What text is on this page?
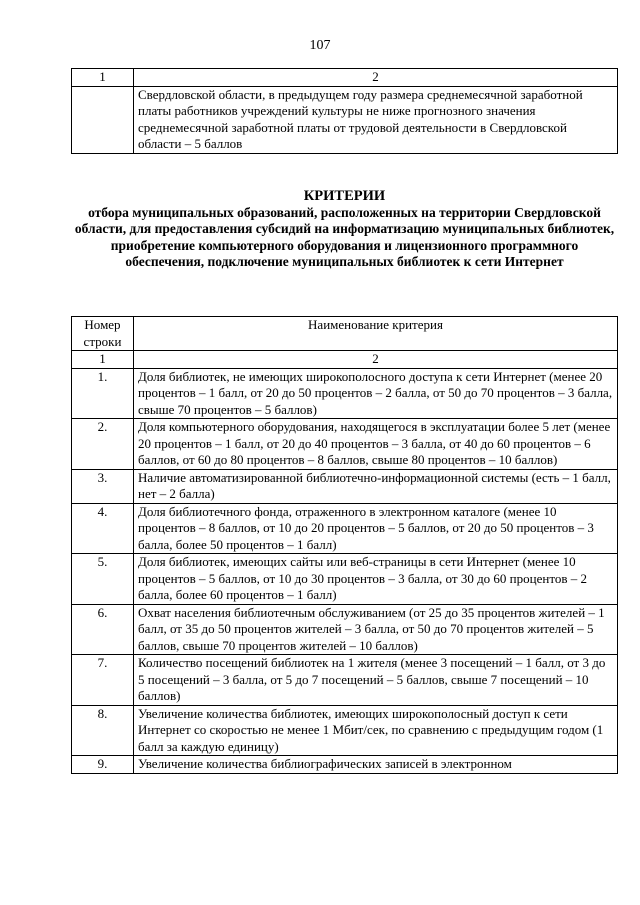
107
1	2
	Свердловской области, в предыдущем году размера среднемесячной заработной платы работников учреждений культуры не ниже прогнозного значения среднемесячной заработной платы от трудовой деятельности в Свердловской области – 5 баллов
КРИТЕРИИ
отбора муниципальных образований, расположенных на территории Свердловской области, для предоставления субсидий на информатизацию муниципальных библиотек, приобретение компьютерного оборудования и лицензионного программного обеспечения, подключение муниципальных библиотек к сети Интернет
Номер строки	Наименование критерия
1	2
1.	Доля библиотек, не имеющих широкополосного доступа к сети Интернет (менее 20 процентов – 1 балл, от 20 до 50 процентов – 2 балла, от 50 до 70 процентов – 3 балла, свыше 70 процентов – 5 баллов)
2.	Доля компьютерного оборудования, находящегося в эксплуатации более 5 лет (менее 20 процентов – 1 балл, от 20 до 40 процентов – 3 балла, от 40 до 60 процентов – 6 баллов, от 60 до 80 процентов – 8 баллов, свыше 80 процентов – 10 баллов)
3.	Наличие автоматизированной библиотечно-информационной системы (есть – 1 балл, нет – 2 балла)
4.	Доля библиотечного фонда, отраженного в электронном каталоге (менее 10 процентов – 8 баллов, от 10 до 20 процентов – 5 баллов, от 20 до 50 процентов – 3 балла, более 50 процентов – 1 балл)
5.	Доля библиотек, имеющих сайты или веб-страницы в сети Интернет (менее 10 процентов – 5 баллов, от 10 до 30 процентов – 3 балла, от 30 до 60 процентов – 2 балла, более 60 процентов – 1 балл)
6.	Охват населения библиотечным обслуживанием (от 25 до 35 процентов жителей – 1 балл, от 35 до 50 процентов жителей – 3 балла, от 50 до 70 процентов жителей – 5 баллов, свыше 70 процентов жителей – 10 баллов)
7.	Количество посещений библиотек на 1 жителя (менее 3 посещений – 1 балл, от 3 до 5 посещений – 3 балла, от 5 до 7 посещений – 5 баллов, свыше 7 посещений – 10 баллов)
8.	Увеличение количества библиотек, имеющих широкополосный доступ к сети Интернет со скоростью не менее 1 Мбит/сек, по сравнению с предыдущим годом (1 балл за каждую единицу)
9.	Увеличение количества библиографических записей в электронном
